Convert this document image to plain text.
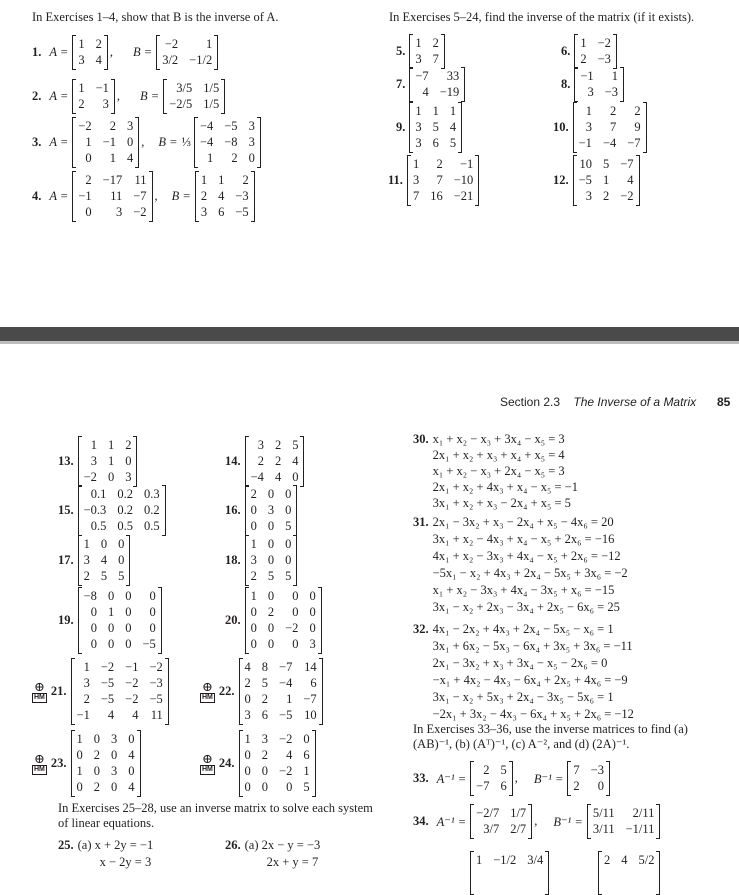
In Exercises 1–4, show that B is the inverse of A.	In Exercises 5–24, find the inverse of the matrix (if it exists).
1. A =
1 2
3 4
, B =
−2	1
3/2 −1/2
2. A =
1 −1
2	3
, B =
3/5 1/5
−2/5 1/5
3. A =
−2	2 3
1 −1 0
0	1 4
, B = ⅓
−4 −5 3
−4 −8 3
1	2 0
4. A =
2 −17 11
−1	11 −7
0	3 −2
, B =
1 1	2
2 4 −3
3 6 −5
5.
1 2
3 7
6.
1 −2
2 −3
7.
−7	33
4 −19
8.
−1	1
3 −3
9.
1 1 1
3 5 4
3 6 5
10.
1	2	2
3	7	9
−1 −4 −7
11.
1	2	−1
3	7 −10
7 16 −21
12.
10 5 −7
−5 1	4
3 2 −2
Section 2.3 The Inverse of a Matrix 85
13.
1 1 2
3 1 0
−2 0 3
14.
3 2 5
2 2 4
−4 4 0
15.
0.1 0.2 0.3
−0.3 0.2 0.2
0.5 0.5 0.5
16.
2 0 0
0 3 0
0 0 5
17.
1 0 0
3 4 0
2 5 5
18.
1 0 0
3 0 0
2 5 5
19.
−8 0 0	0
0 1 0	0
0 0 0	0
0 0 0 −5
20.
1 0	0 0
0 2	0 0
0 0 −2 0
0 0	0 3
⊕
HM 21.
1 −2 −1 −2
3 −5 −2 −3
2 −5 −2 −5
−1	4	4 11
⊕
HM 22.
4 8 −7 14
2 5 −4	6
0 2	1 −7
3 6 −5 10
⊕
HM 23.
1 0 3 0
0 2 0 4
1 0 3 0
0 2 0 4
⊕
HM 24.
1 3 −2 0
0 2	4 6
0 0 −2 1
0 0	0 5
In Exercises 25–28, use an inverse matrix to solve each system of linear equations.
25. (a) x + 2y = −1
x − 2y = 3
26. (a) 2x − y = −3
2x + y = 7
30. x₁ + x₂ − x₃ + 3x₄ − x₅ = 3
2x₁ + x₂ + x₃ + x₄ + x₅ = 4
x₁ + x₂ − x₃ + 2x₄ − x₅ = 3
2x₁ + x₂ + 4x₃ + x₄ − x₅ = −1
3x₁ + x₂ + x₃ − 2x₄ + x₅ = 5
31. 2x₁ − 3x₂ + x₃ − 2x₄ + x₅ − 4x₆ = 20
3x₁ + x₂ − 4x₃ + x₄ − x₅ + 2x₆ = −16
4x₁ + x₂ − 3x₃ + 4x₄ − x₅ + 2x₆ = −12
−5x₁ − x₂ + 4x₃ + 2x₄ − 5x₅ + 3x₆ = −2
x₁ + x₂ − 3x₃ + 4x₄ − 3x₅ + x₆ = −15
3x₁ − x₂ + 2x₃ − 3x₄ + 2x₅ − 6x₆ = 25
32. 4x₁ − 2x₂ + 4x₃ + 2x₄ − 5x₅ − x₆ = 1
3x₁ + 6x₂ − 5x₃ − 6x₄ + 3x₅ + 3x₆ = −11
2x₁ − 3x₂ + x₃ + 3x₄ − x₅ − 2x₆ = 0
−x₁ + 4x₂ − 4x₃ − 6x₄ + 2x₅ + 4x₆ = −9
3x₁ − x₂ + 5x₃ + 2x₄ − 3x₅ − 5x₆ = 1
−2x₁ + 3x₂ − 4x₃ − 6x₄ + x₅ + 2x₆ = −12
In Exercises 33–36, use the inverse matrices to find (a) (AB)⁻¹, (b) (Aᵀ)⁻¹, (c) A⁻², and (d) (2A)⁻¹.
33. A⁻¹ =
2 5
−7 6
, B⁻¹ =
7 −3
2	0
34. A⁻¹ =
−2/7 1/7
3/7 2/7
, B⁻¹ =
5/11	2/11
3/11 −1/11
1 −1/2 3/4	2 4 5/2
